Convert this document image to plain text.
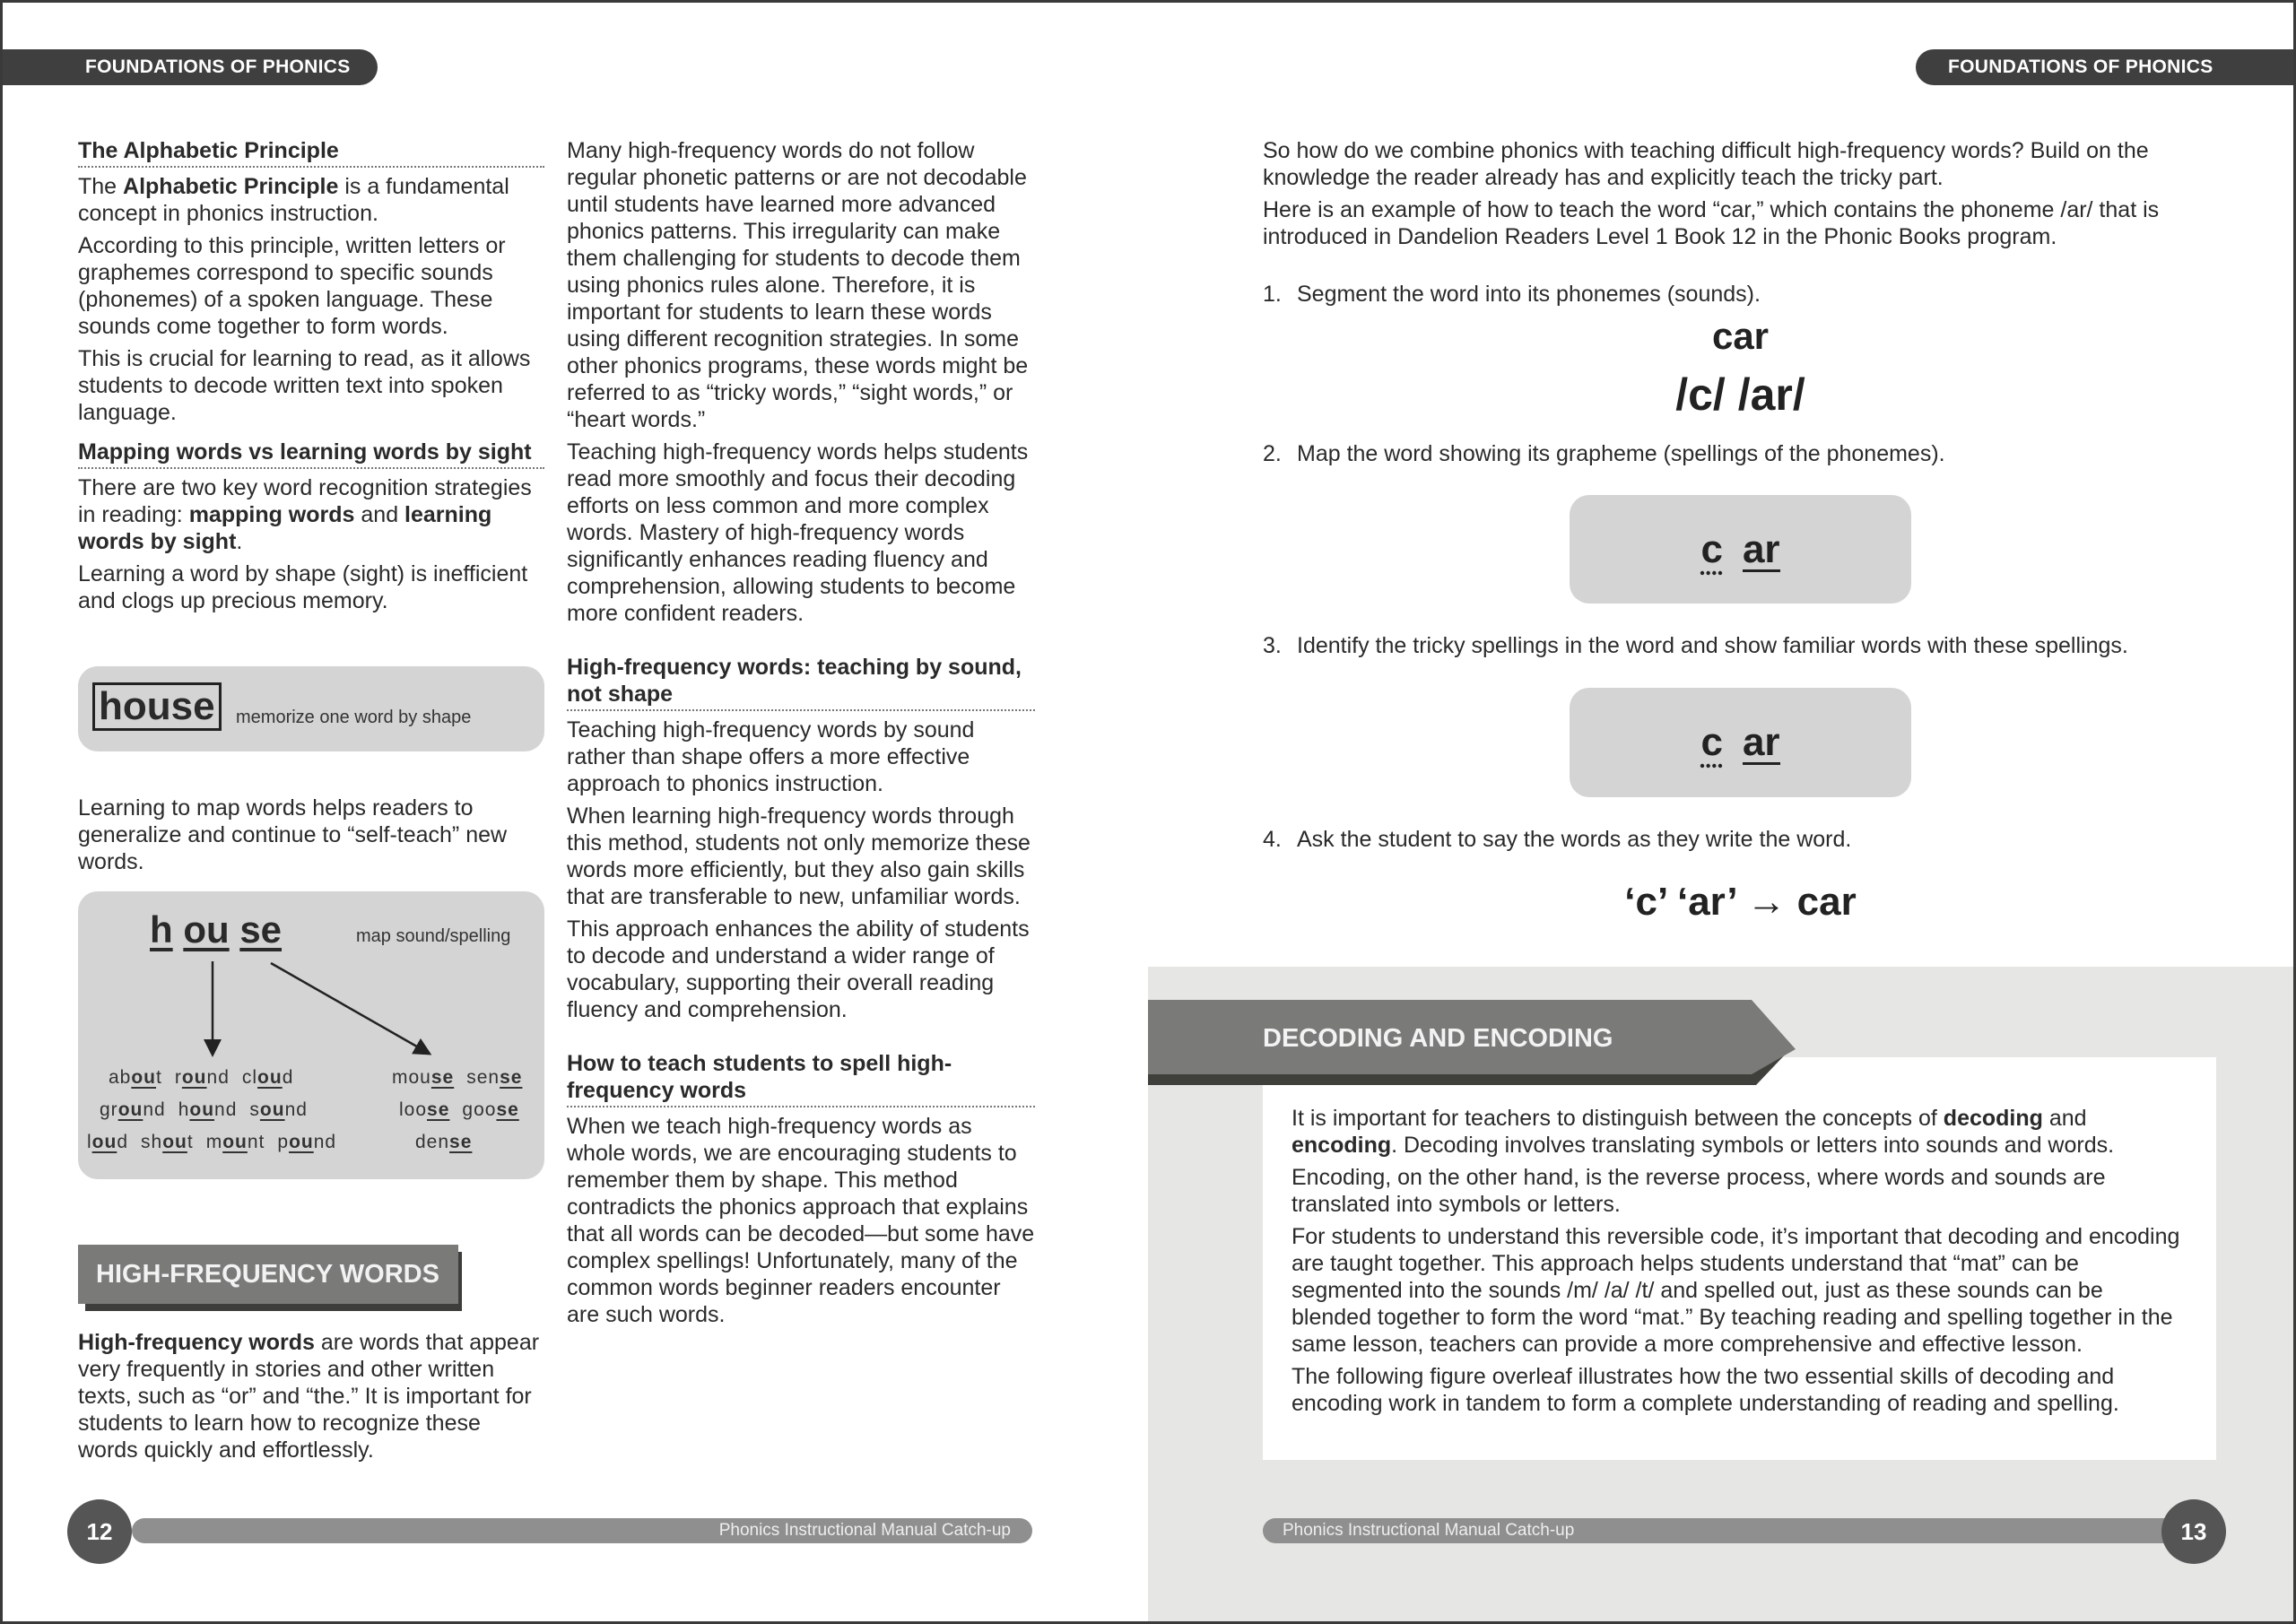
FOUNDATIONS OF PHONICS	FOUNDATIONS OF PHONICS
The Alphabetic Principle

The Alphabetic Principle is a fundamental concept in phonics instruction.

According to this principle, written letters or graphemes correspond to specific sounds (phonemes) of a spoken language. These sounds come together to form words.

This is crucial for learning to read, as it allows students to decode written text into spoken language.

Mapping words vs learning words by sight

There are two key word recognition strategies in reading: mapping words and learning words by sight.

Learning a word by shape (sight) is inefficient and clogs up precious memory.

house	memorize one word by shape

Learning to map words helps readers to generalize and continue to “self-teach” new words.

h ou se	map sound/spelling
about round cloud
ground hound sound
loud shout mount pound
mouse sense
loose goose
dense
HIGH-FREQUENCY WORDS

High-frequency words are words that appear very frequently in stories and other written texts, such as “or” and “the.” It is important for students to learn how to recognize these words quickly and effortlessly.

Many high-frequency words do not follow regular phonetic patterns or are not decodable until students have learned more advanced phonics patterns. This irregularity can make them challenging for students to decode them using phonics rules alone. Therefore, it is important for students to learn these words using different recognition strategies. In some other phonics programs, these words might be referred to as “tricky words,” “sight words,” or “heart words.”

Teaching high-frequency words helps students read more smoothly and focus their decoding efforts on less common and more complex words. Mastery of high-frequency words significantly enhances reading fluency and comprehension, allowing students to become more confident readers.

High-frequency words: teaching by sound, not shape

Teaching high-frequency words by sound rather than shape offers a more effective approach to phonics instruction.

When learning high-frequency words through this method, students not only memorize these words more efficiently, but they also gain skills that are transferable to new, unfamiliar words.

This approach enhances the ability of students to decode and understand a wider range of vocabulary, supporting their overall reading fluency and comprehension.

How to teach students to spell high-frequency words

When we teach high-frequency words as whole words, we are encouraging students to remember them by shape. This method contradicts the phonics approach that explains that all words can be decoded—but some have complex spellings! Unfortunately, many of the common words beginner readers encounter are such words.

Phonics Instructional Manual Catch-up
12

So how do we combine phonics with teaching difficult high-frequency words? Build on the knowledge the reader already has and explicitly teach the tricky part.

Here is an example of how to teach the word “car,” which contains the phoneme /ar/ that is introduced in Dandelion Readers Level 1 Book 12 in the Phonic Books program.

1. Segment the word into its phonemes (sounds).
car
/c/ /ar/
2. Map the word showing its grapheme (spellings of the phonemes).
c ar
3. Identify the tricky spellings in the word and show familiar words with these spellings.
c ar
4. Ask the student to say the words as they write the word.
‘c’ ‘ar’ → car
DECODING AND ENCODING

It is important for teachers to distinguish between the concepts of decoding and encoding. Decoding involves translating symbols or letters into sounds and words.

Encoding, on the other hand, is the reverse process, where words and sounds are translated into symbols or letters.

For students to understand this reversible code, it’s important that decoding and encoding are taught together. This approach helps students understand that “mat” can be segmented into the sounds /m/ /a/ /t/ and spelled out, just as these sounds can be blended together to form the word “mat.” By teaching reading and spelling together in the same lesson, teachers can provide a more comprehensive and effective lesson.

The following figure overleaf illustrates how the two essential skills of decoding and encoding work in tandem to form a complete understanding of reading and spelling.

Phonics Instructional Manual Catch-up	13
